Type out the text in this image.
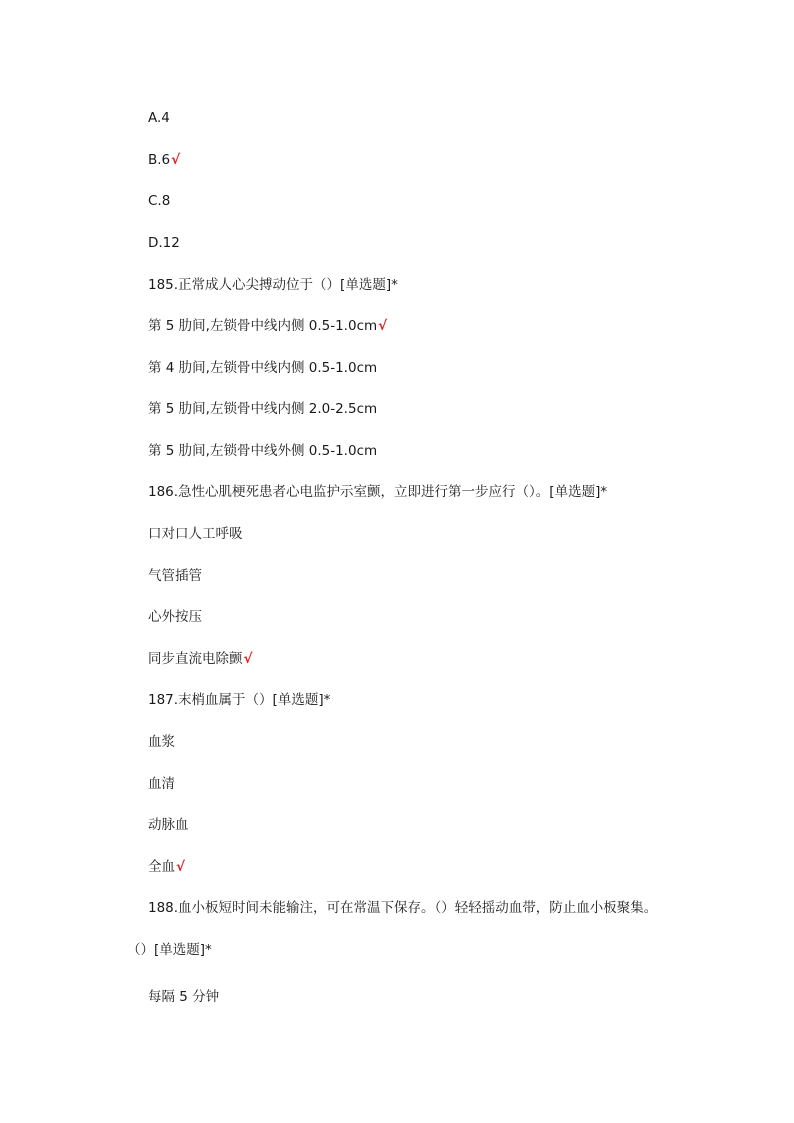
A.4
B.6√
C.8
D.12
185.正常成人心尖搏动位于（）[单选题]*
第 5 肋间,左锁骨中线内侧 0.5-1.0cm√
第 4 肋间,左锁骨中线内侧 0.5-1.0cm
第 5 肋间,左锁骨中线内侧 2.0-2.5cm
第 5 肋间,左锁骨中线外侧 0.5-1.0cm
186.急性心肌梗死患者心电监护示室颤，立即进行第一步应行（）。[单选题]*
口对口人工呼吸
气管插管
心外按压
同步直流电除颤√
187.末梢血属于（）[单选题]*
血浆
血清
动脉血
全血√
188.血小板短时间未能输注，可在常温下保存。（）轻轻摇动血带，防止血小板聚集。
（）[单选题]*
每隔 5 分钟
